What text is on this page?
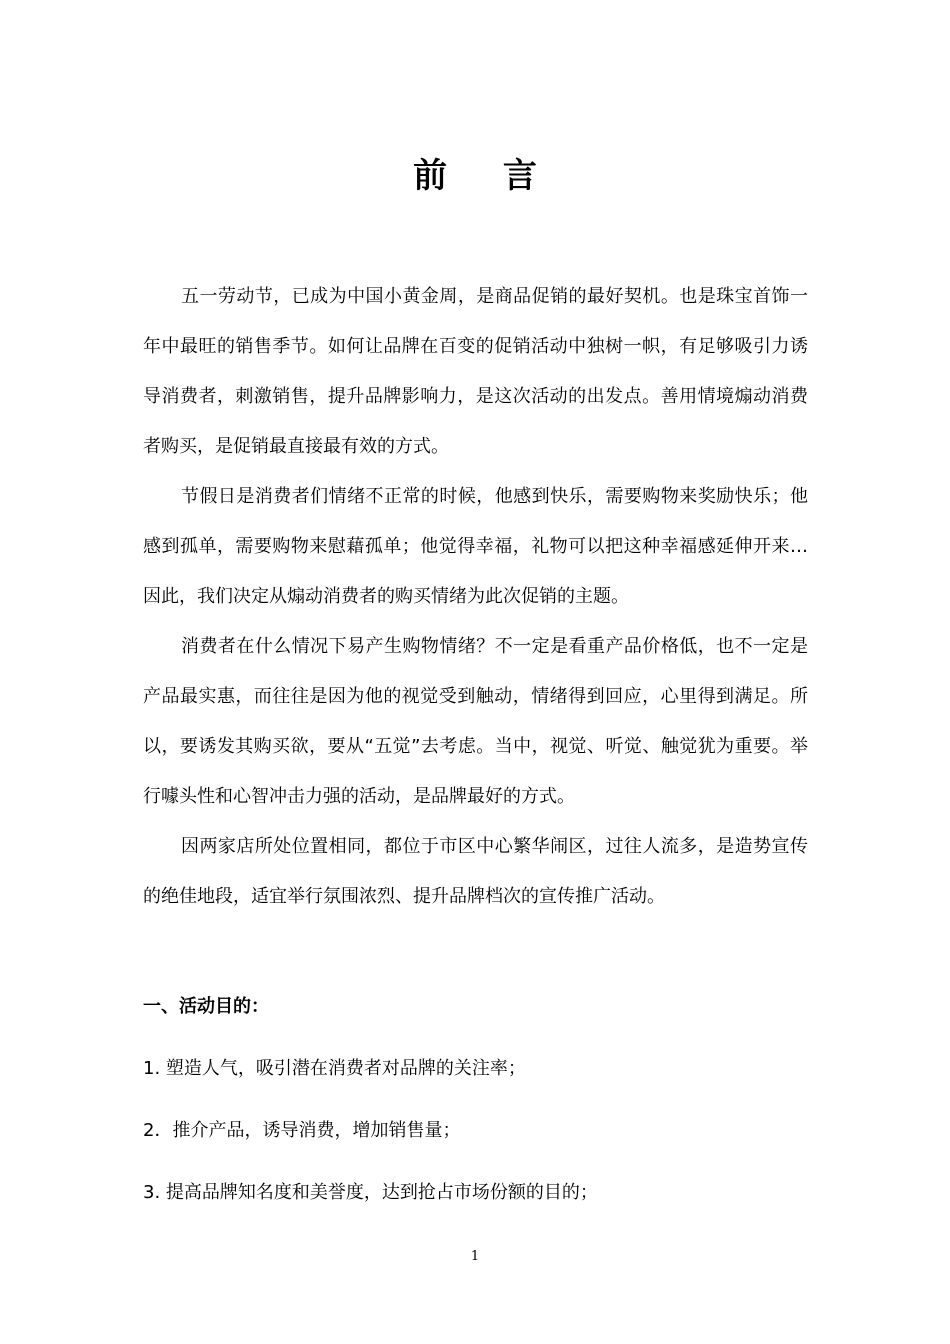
前 言

五一劳动节，已成为中国小黄金周，是商品促销的最好契机。也是珠宝首饰一年中最旺的销售季节。如何让品牌在百变的促销活动中独树一帜，有足够吸引力诱导消费者，刺激销售，提升品牌影响力，是这次活动的出发点。善用情境煽动消费者购买，是促销最直接最有效的方式。

节假日是消费者们情绪不正常的时候，他感到快乐，需要购物来奖励快乐；他感到孤单，需要购物来慰藉孤单；他觉得幸福，礼物可以把这种幸福感延伸开来…因此，我们决定从煽动消费者的购买情绪为此次促销的主题。

消费者在什么情况下易产生购物情绪？不一定是看重产品价格低，也不一定是产品最实惠，而往往是因为他的视觉受到触动，情绪得到回应，心里得到满足。所以，要诱发其购买欲，要从“五觉”去考虑。当中，视觉、听觉、触觉犹为重要。举行噱头性和心智冲击力强的活动，是品牌最好的方式。

因两家店所处位置相同，都位于市区中心繁华闹区，过往人流多，是造势宣传的绝佳地段，适宜举行氛围浓烈、提升品牌档次的宣传推广活动。

一、活动目的：
1. 塑造人气，吸引潜在消费者对品牌的关注率；
2．推介产品，诱导消费，增加销售量；
3. 提高品牌知名度和美誉度，达到抢占市场份额的目的；
1
